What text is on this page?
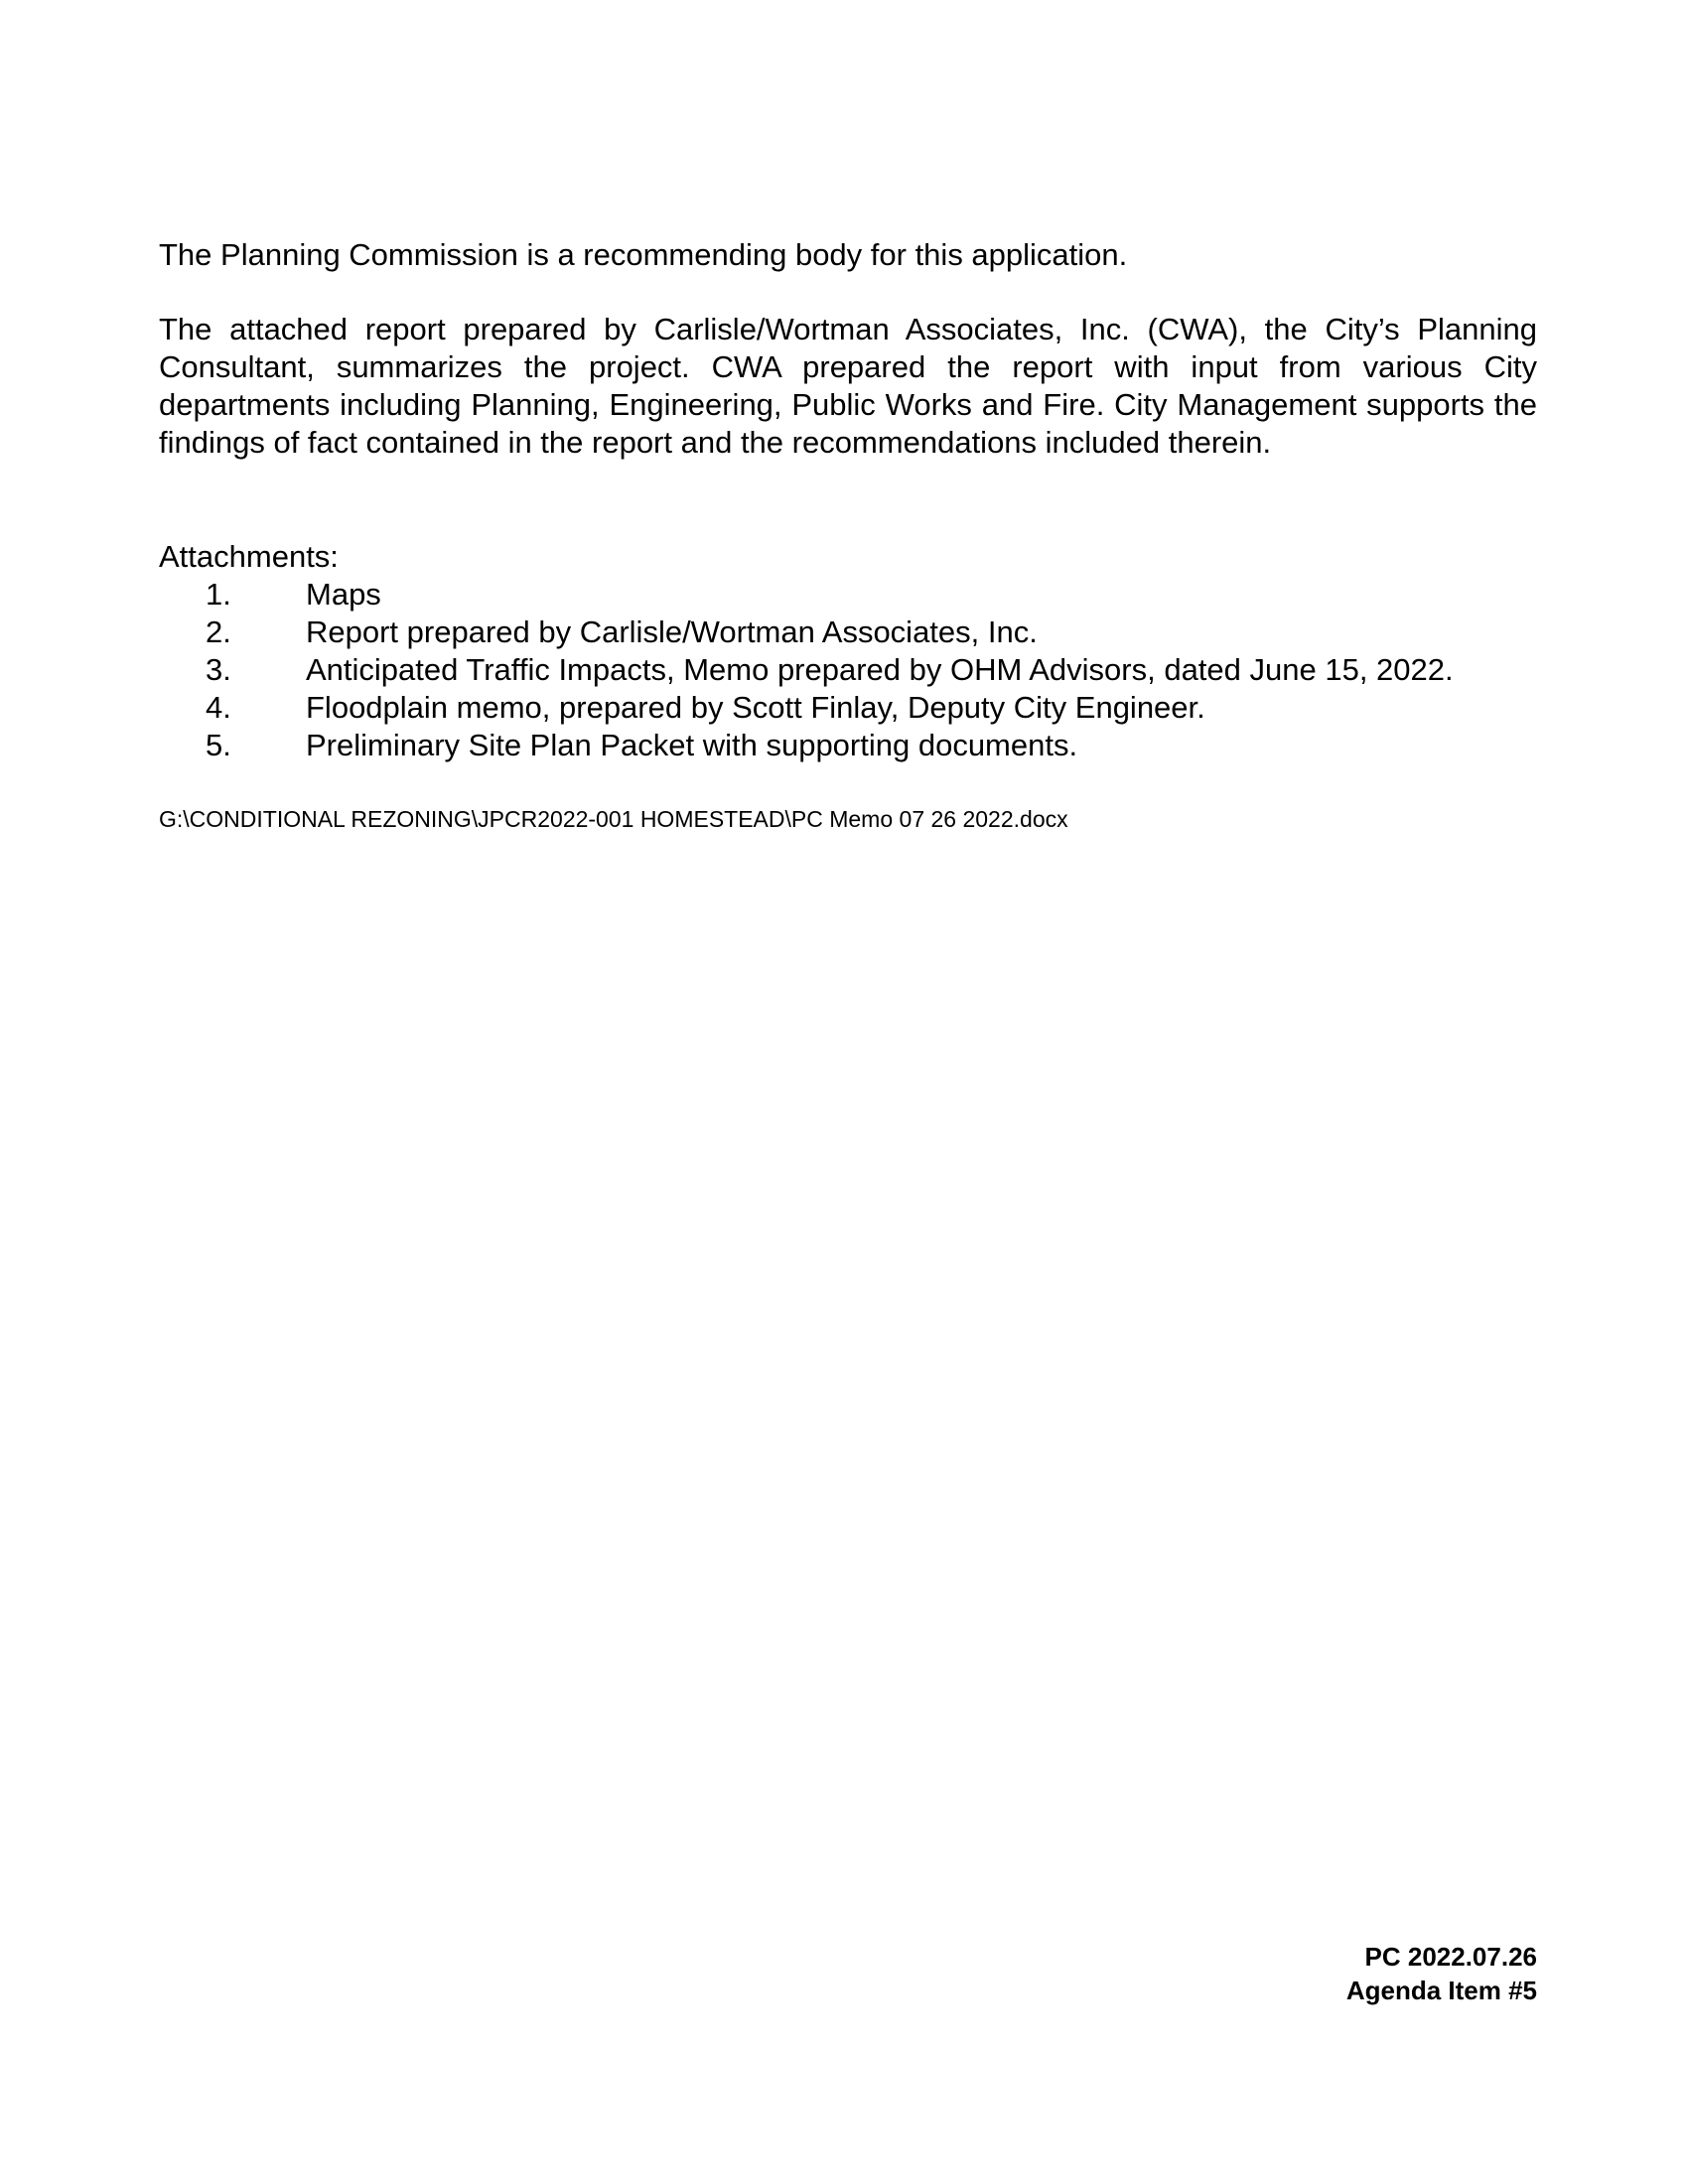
The Planning Commission is a recommending body for this application.

The attached report prepared by Carlisle/Wortman Associates, Inc. (CWA), the City’s Planning Consultant, summarizes the project. CWA prepared the report with input from various City departments including Planning, Engineering, Public Works and Fire. City Management supports the findings of fact contained in the report and the recommendations included therein.

Attachments:

1. Maps
2. Report prepared by Carlisle/Wortman Associates, Inc.
3. Anticipated Traffic Impacts, Memo prepared by OHM Advisors, dated June 15, 2022.
4. Floodplain memo, prepared by Scott Finlay, Deputy City Engineer.
5. Preliminary Site Plan Packet with supporting documents.

G:\CONDITIONAL REZONING\JPCR2022-001 HOMESTEAD\PC Memo 07 26 2022.docx

PC 2022.07.26
Agenda Item #5
